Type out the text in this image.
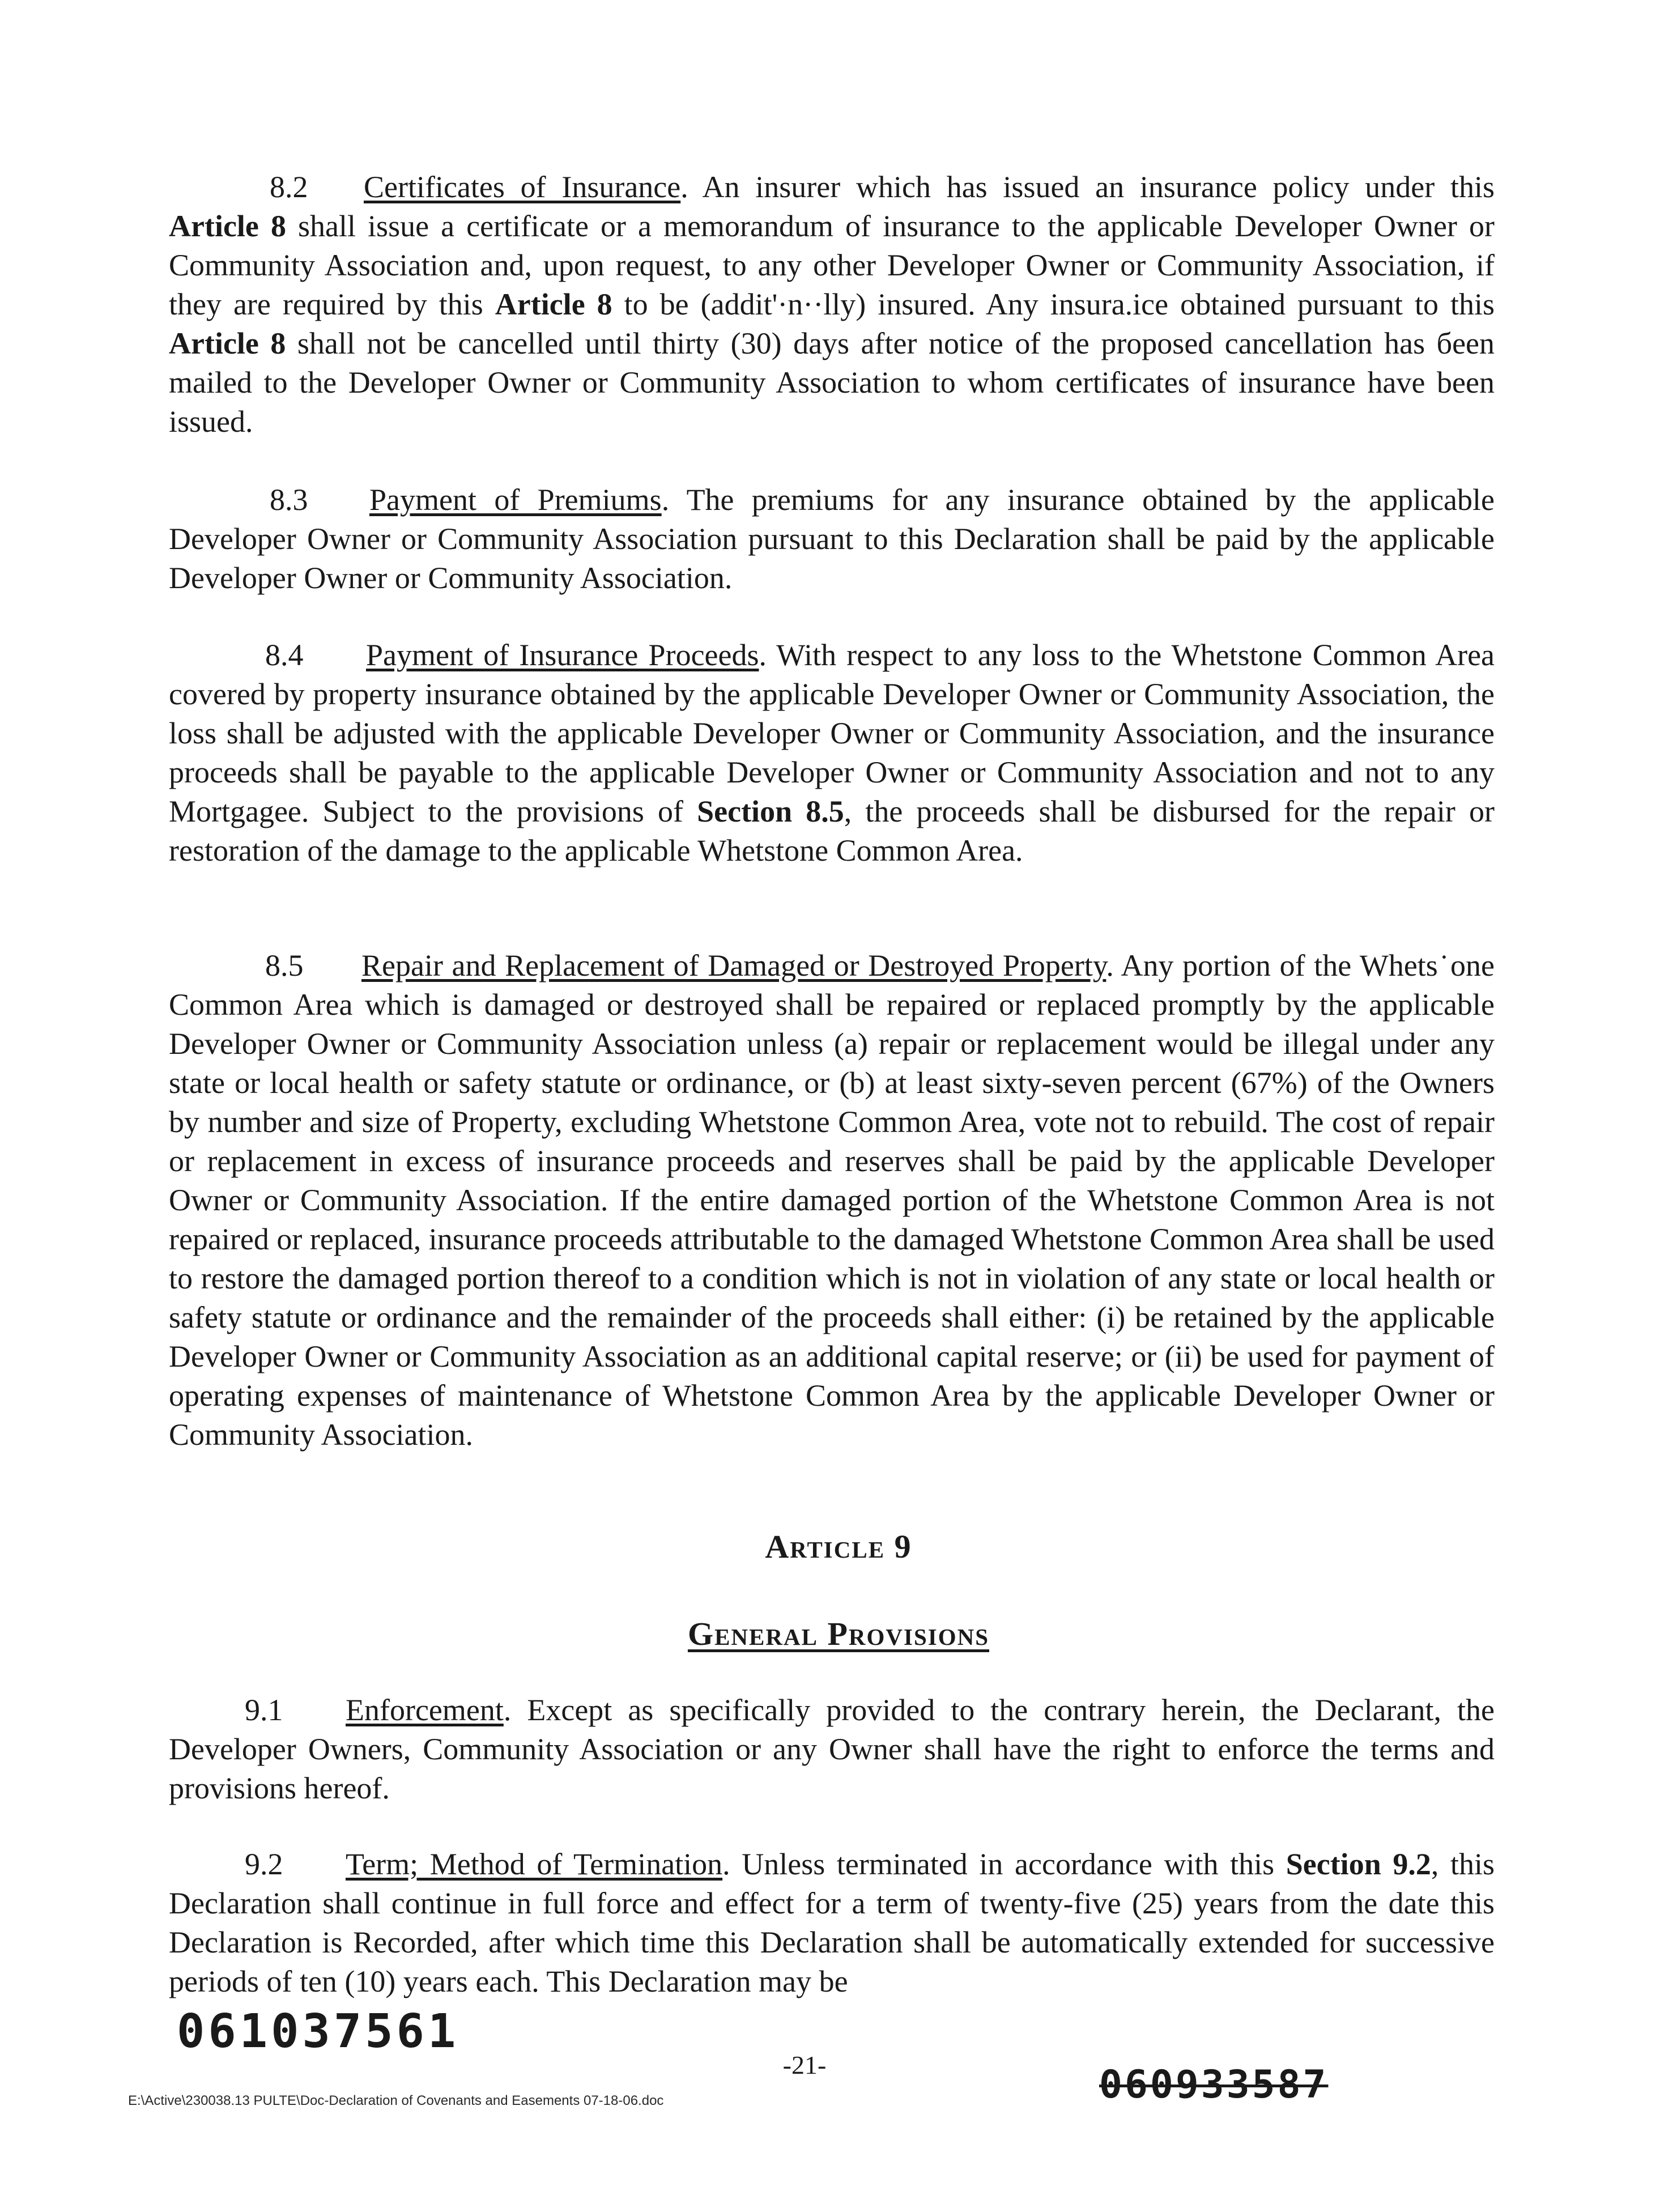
8.2 Certificates of Insurance. An insurer which has issued an insurance policy under this Article 8 shall issue a certificate or a memorandum of insurance to the applicable Developer Owner or Community Association and, upon request, to any other Developer Owner or Community Association, if they are required by this Article 8 to be (addit'·n··lly) insured. Any insura.ice obtained pursuant to this Article 8 shall not be cancelled until thirty (30) days after notice of the proposed cancellation has бeen mailed to the Developer Owner or Community Association to whom certificates of insurance have been issued.

8.3 Payment of Premiums. The premiums for any insurance obtained by the applicable Developer Owner or Community Association pursuant to this Declaration shall be paid by the applicable Developer Owner or Community Association.

8.4 Payment of Insurance Proceeds. With respect to any loss to the Whetstone Common Area covered by property insurance obtained by the applicable Developer Owner or Community Association, the loss shall be adjusted with the applicable Developer Owner or Community Association, and the insurance proceeds shall be payable to the applicable Developer Owner or Community Association and not to any Mortgagee. Subject to the provisions of Section 8.5, the proceeds shall be disbursed for the repair or restoration of the damage to the applicable Whetstone Common Area.

8.5 Repair and Replacement of Damaged or Destroyed Property. Any portion of the Whets˙one Common Area which is damaged or destroyed shall be repaired or replaced promptly by the applicable Developer Owner or Community Association unless (a) repair or replacement would be illegal under any state or local health or safety statute or ordinance, or (b) at least sixty-seven percent (67%) of the Owners by number and size of Property, excluding Whetstone Common Area, vote not to rebuild. The cost of repair or replacement in excess of insurance proceeds and reserves shall be paid by the applicable Developer Owner or Community Association. If the entire damaged portion of the Whetstone Common Area is not repaired or replaced, insurance proceeds attributable to the damaged Whetstone Common Area shall be used to restore the damaged portion thereof to a condition which is not in violation of any state or local health or safety statute or ordinance and the remainder of the proceeds shall either: (i) be retained by the applicable Developer Owner or Community Association as an additional capital reserve; or (ii) be used for payment of operating expenses of maintenance of Whetstone Common Area by the applicable Developer Owner or Community Association.

Article 9

General Provisions

9.1 Enforcement. Except as specifically provided to the contrary herein, the Declarant, the Developer Owners, Community Association or any Owner shall have the right to enforce the terms and provisions hereof.

9.2 Term; Method of Termination. Unless terminated in accordance with this Section 9.2, this Declaration shall continue in full force and effect for a term of twenty-five (25) years from the date this Declaration is Recorded, after which time this Declaration shall be automatically extended for successive periods of ten (10) years each. This Declaration may be

061037561

-21-

E:\Active\230038.13 PULTE\Doc-Declaration of Covenants and Easements 07-18-06.doc	060933587
